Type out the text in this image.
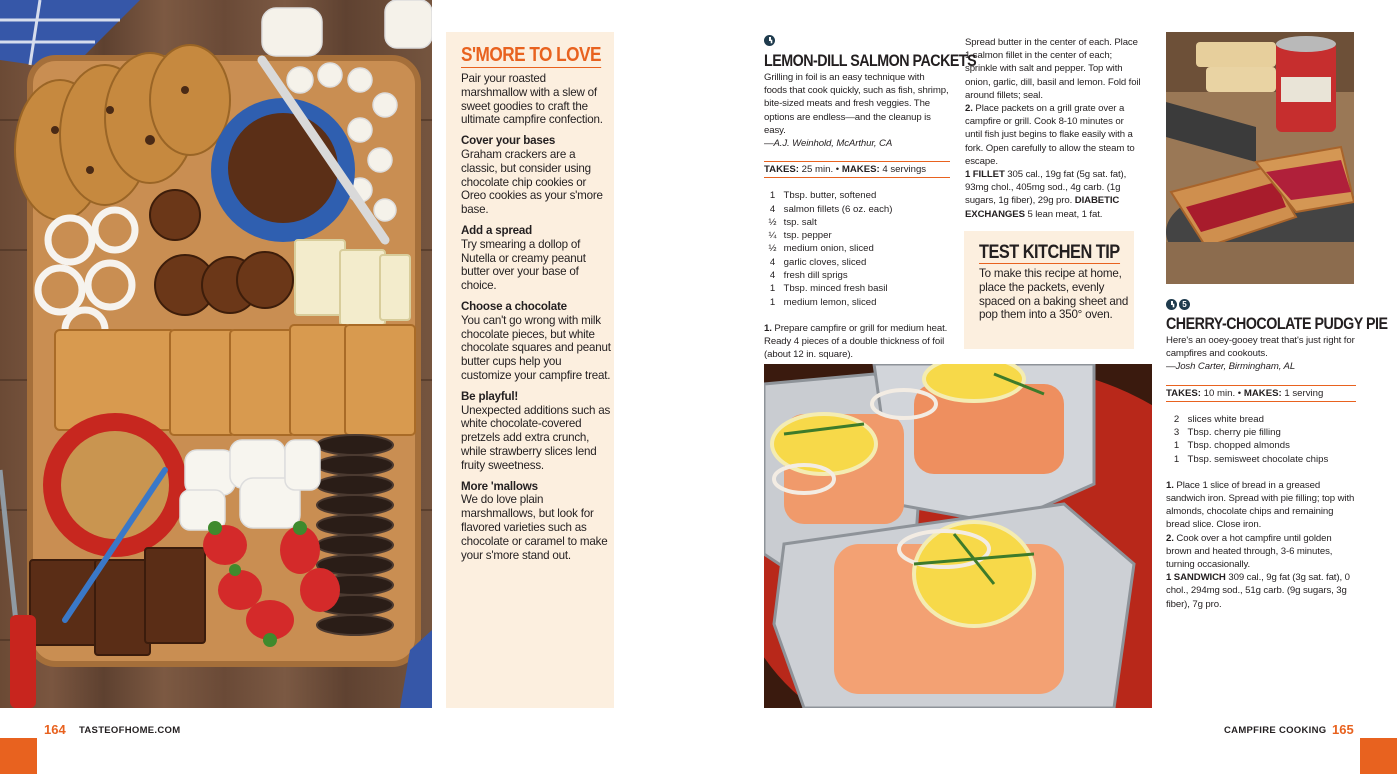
S'MORE TO LOVE

Pair your roasted marshmallow with a slew of sweet goodies to craft the ultimate campfire confection.

Cover your bases
Graham crackers are a classic, but consider using chocolate chip cookies or Oreo cookies as your s'more base.

Add a spread
Try smearing a dollop of Nutella or creamy peanut butter over your base of choice.

Choose a chocolate
You can't go wrong with milk chocolate pieces, but white chocolate squares and peanut butter cups help you customize your campfire treat.

Be playful!
Unexpected additions such as white chocolate-covered pretzels add extra crunch, while strawberry slices lend fruity sweetness.

More 'mallows
We do love plain marshmallows, but look for flavored varieties such as chocolate or caramel to make your s'more stand out.

LEMON-DILL SALMON PACKETS
Grilling in foil is an easy technique with foods that cook quickly, such as fish, shrimp, bite-sized meats and fresh veggies. The options are endless—and the cleanup is easy.
—A.J. Weinhold, McArthur, CA
TAKES: 25 min. • MAKES: 4 servings
1 Tbsp. butter, softened
4 salmon fillets (6 oz. each)
½ tsp. salt
¼ tsp. pepper
½ medium onion, sliced
4 garlic cloves, sliced
4 fresh dill sprigs
1 Tbsp. minced fresh basil
1 medium lemon, sliced
1. Prepare campfire or grill for medium heat. Ready 4 pieces of a double thickness of foil (about 12 in. square).
Spread butter in the center of each. Place 1 salmon fillet in the center of each; sprinkle with salt and pepper. Top with onion, garlic, dill, basil and lemon. Fold foil around fillets; seal.
2. Place packets on a grill grate over a campfire or grill. Cook 8-10 minutes or until fish just begins to flake easily with a fork. Open carefully to allow the steam to escape.
1 FILLET 305 cal., 19g fat (5g sat. fat), 93mg chol., 405mg sod., 4g carb. (1g sugars, 1g fiber), 29g pro. DIABETIC EXCHANGES 5 lean meat, 1 fat.
TEST KITCHEN TIP
To make this recipe at home, place the packets, evenly spaced on a baking sheet and pop them into a 350° oven.
5
CHERRY-CHOCOLATE PUDGY PIE
Here's an ooey-gooey treat that's just right for campfires and cookouts.
—Josh Carter, Birmingham, AL
TAKES: 10 min. • MAKES: 1 serving
2 slices white bread
3 Tbsp. cherry pie filling
1 Tbsp. chopped almonds
1 Tbsp. semisweet chocolate chips
1. Place 1 slice of bread in a greased sandwich iron. Spread with pie filling; top with almonds, chocolate chips and remaining bread slice. Close iron.
2. Cook over a hot campfire until golden brown and heated through, 3-6 minutes, turning occasionally.
1 SANDWICH 309 cal., 9g fat (3g sat. fat), 0 chol., 294mg sod., 51g carb. (9g sugars, 3g fiber), 7g pro.
164 TASTEOFHOME.COM	CAMPFIRE COOKING 165
